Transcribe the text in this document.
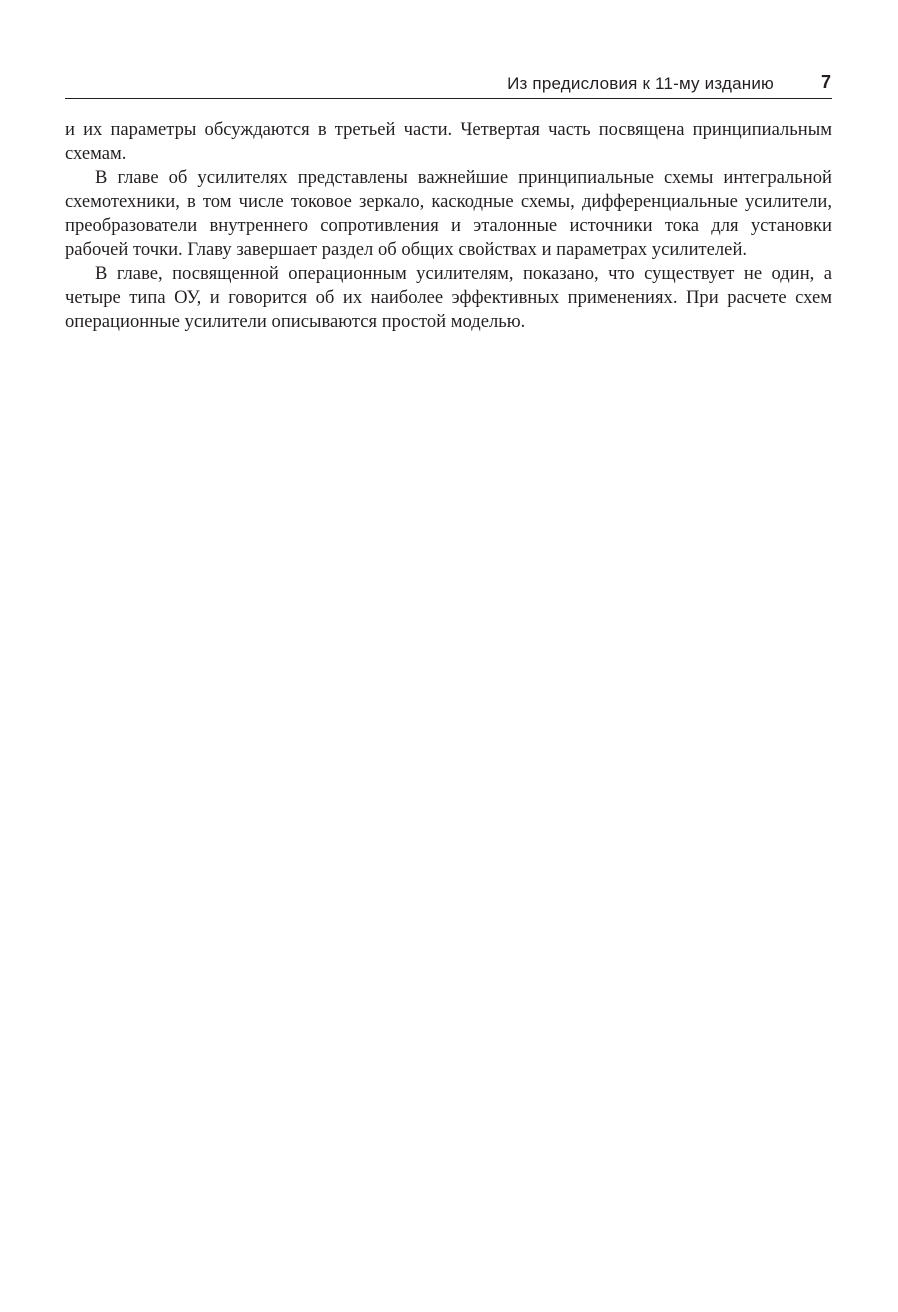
Из предисловия к 11-му изданию	7

и их параметры обсуждаются в третьей части. Четвертая часть посвящена принципиальным схемам.

В главе об усилителях представлены важнейшие принципиальные схемы интегральной схемотехники, в том числе токовое зеркало, каскодные схемы, дифференциальные усилители, преобразователи внутреннего сопротивления и эталонные источники тока для установки рабочей точки. Главу завершает раздел об общих свойствах и параметрах усилителей.

В главе, посвященной операционным усилителям, показано, что существует не один, а четыре типа ОУ, и говорится об их наиболее эффективных применениях. При расчете схем операционные усилители описываются простой моделью.
